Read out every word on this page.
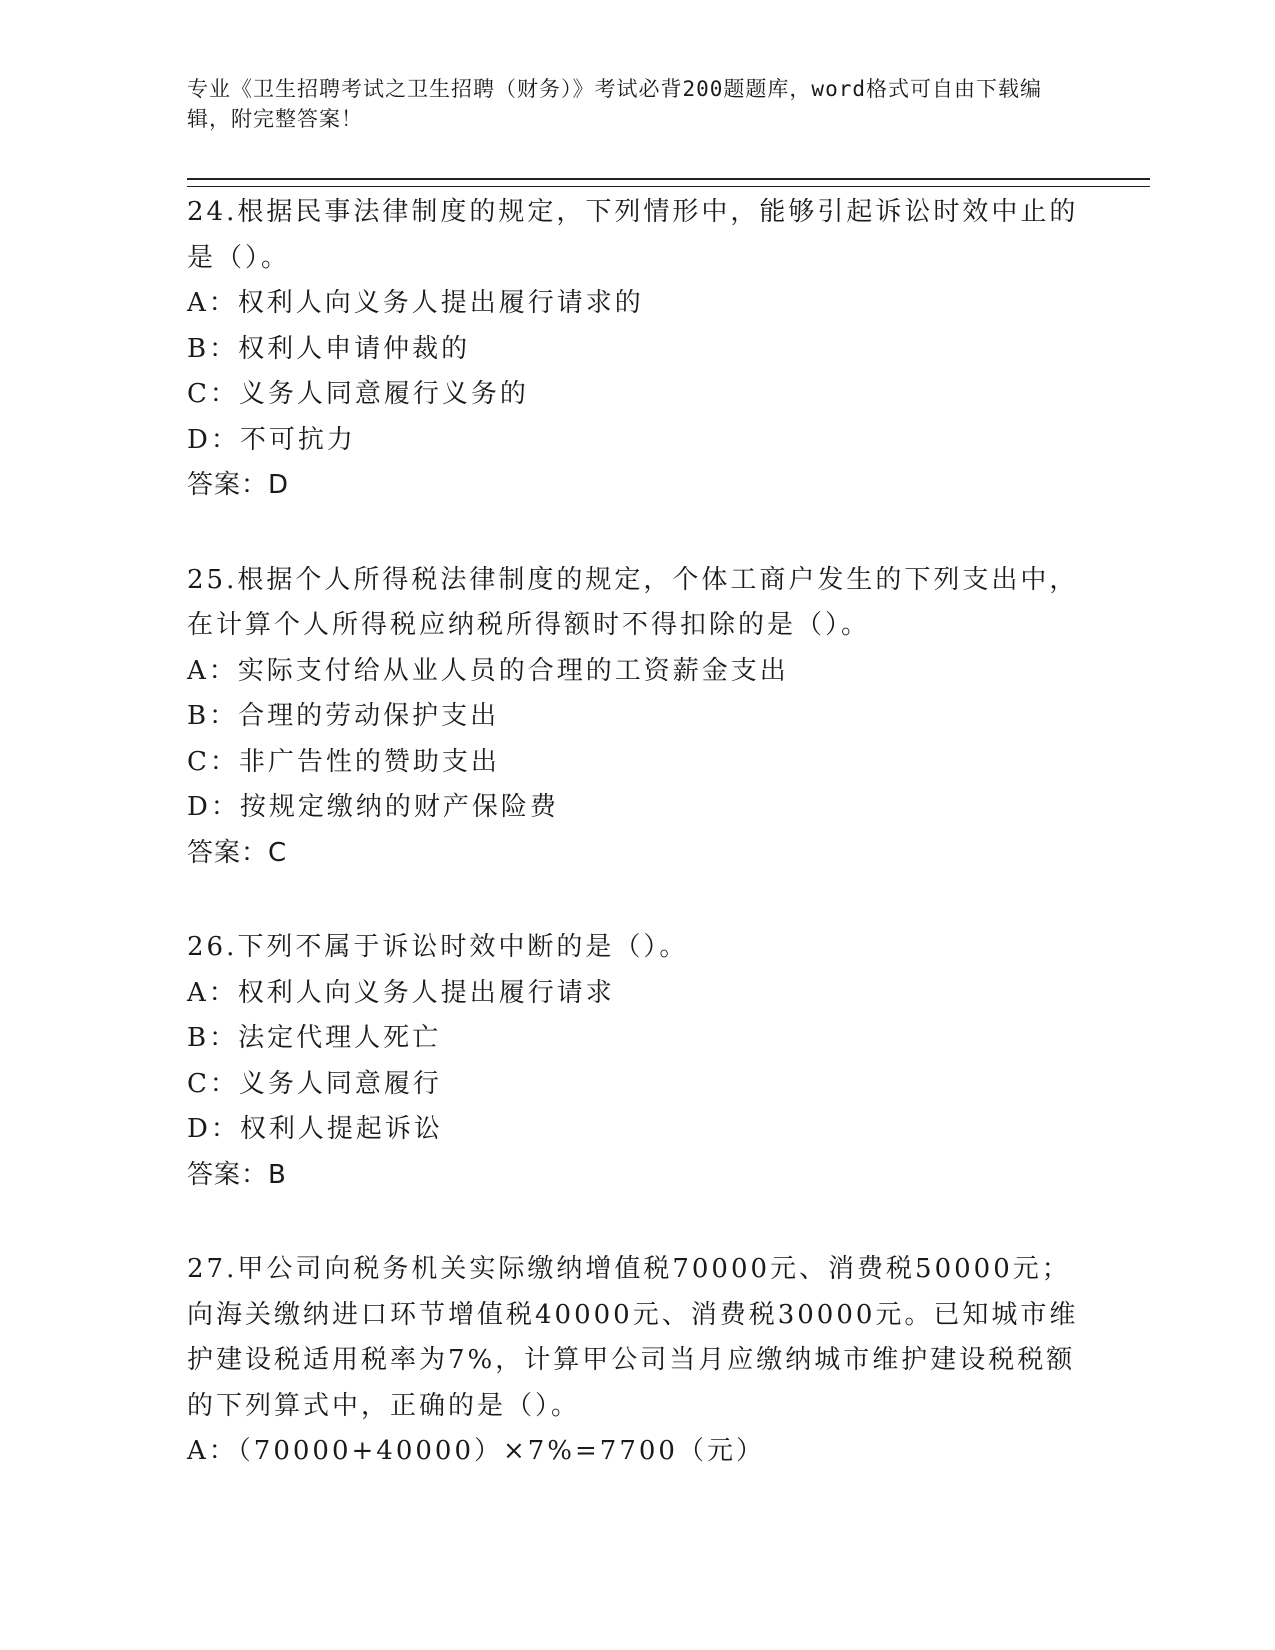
专业《卫生招聘考试之卫生招聘（财务）》考试必背200题题库，word格式可自由下载编辑，附完整答案！
24.根据民事法律制度的规定，下列情形中，能够引起诉讼时效中止的是（）。
A：权利人向义务人提出履行请求的
B：权利人申请仲裁的
C：义务人同意履行义务的
D：不可抗力
答案：D
25.根据个人所得税法律制度的规定，个体工商户发生的下列支出中，在计算个人所得税应纳税所得额时不得扣除的是（）。
A：实际支付给从业人员的合理的工资薪金支出
B：合理的劳动保护支出
C：非广告性的赞助支出
D：按规定缴纳的财产保险费
答案：C
26.下列不属于诉讼时效中断的是（）。
A：权利人向义务人提出履行请求
B：法定代理人死亡
C：义务人同意履行
D：权利人提起诉讼
答案：B
27.甲公司向税务机关实际缴纳增值税70000元、消费税50000元；向海关缴纳进口环节增值税40000元、消费税30000元。已知城市维护建设税适用税率为7%，计算甲公司当月应缴纳城市维护建设税税额的下列算式中，正确的是（）。
A：（70000+40000）×7%=7700（元）
